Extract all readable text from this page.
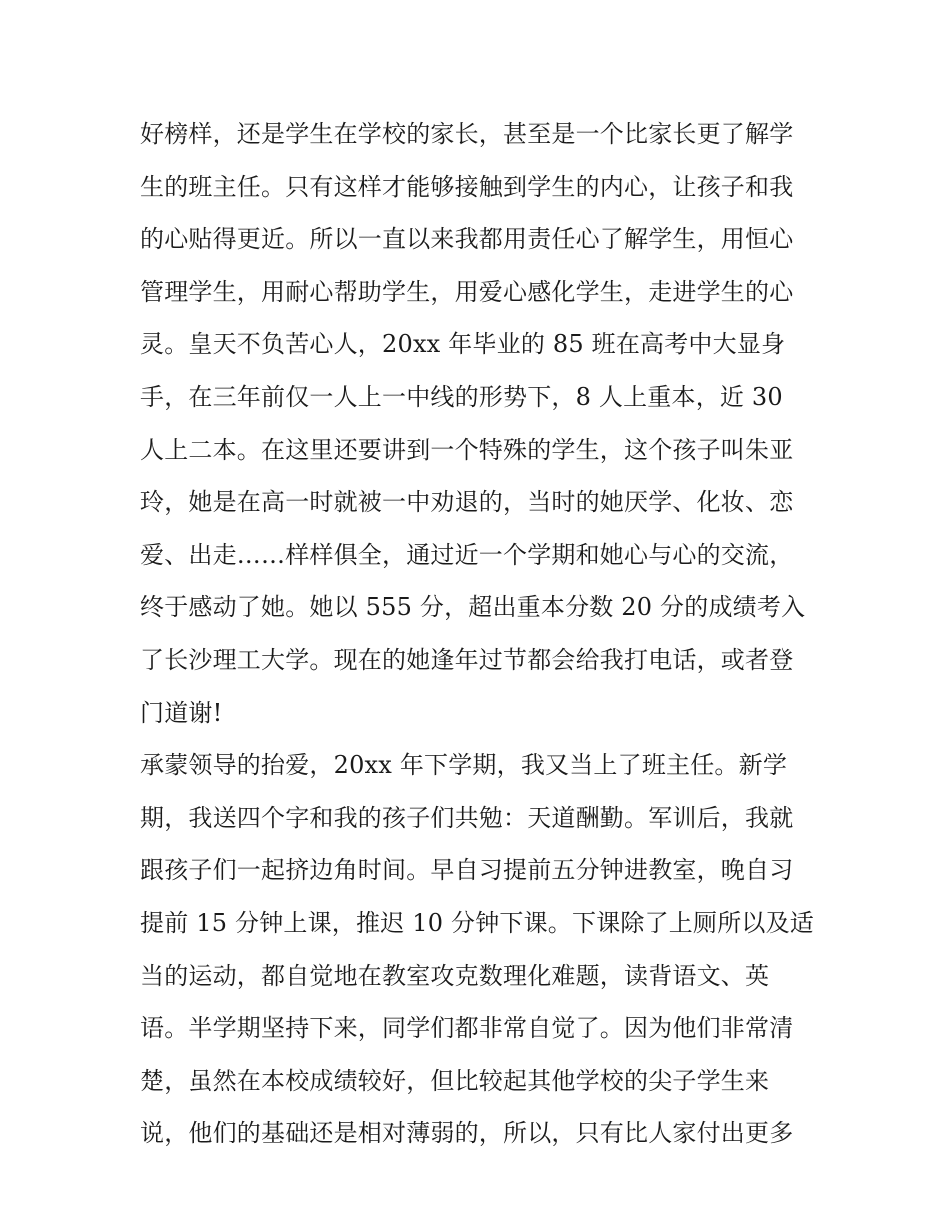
好榜样，还是学生在学校的家长，甚至是一个比家长更了解学
生的班主任。只有这样才能够接触到学生的内心，让孩子和我
的心贴得更近。所以一直以来我都用责任心了解学生，用恒心
管理学生，用耐心帮助学生，用爱心感化学生，走进学生的心
灵。皇天不负苦心人，20xx 年毕业的 85 班在高考中大显身
手，在三年前仅一人上一中线的形势下，8 人上重本，近 30
人上二本。在这里还要讲到一个特殊的学生，这个孩子叫朱亚
玲，她是在高一时就被一中劝退的，当时的她厌学、化妆、恋
爱、出走……样样俱全，通过近一个学期和她心与心的交流，
终于感动了她。她以 555 分，超出重本分数 20 分的成绩考入
了长沙理工大学。现在的她逢年过节都会给我打电话，或者登
门道谢!
承蒙领导的抬爱，20xx 年下学期，我又当上了班主任。新学
期，我送四个字和我的孩子们共勉：天道酬勤。军训后，我就
跟孩子们一起挤边角时间。早自习提前五分钟进教室，晚自习
提前 15 分钟上课，推迟 10 分钟下课。下课除了上厕所以及适
当的运动，都自觉地在教室攻克数理化难题，读背语文、英
语。半学期坚持下来，同学们都非常自觉了。因为他们非常清
楚，虽然在本校成绩较好，但比较起其他学校的尖子学生来
说，他们的基础还是相对薄弱的，所以，只有比人家付出更多
